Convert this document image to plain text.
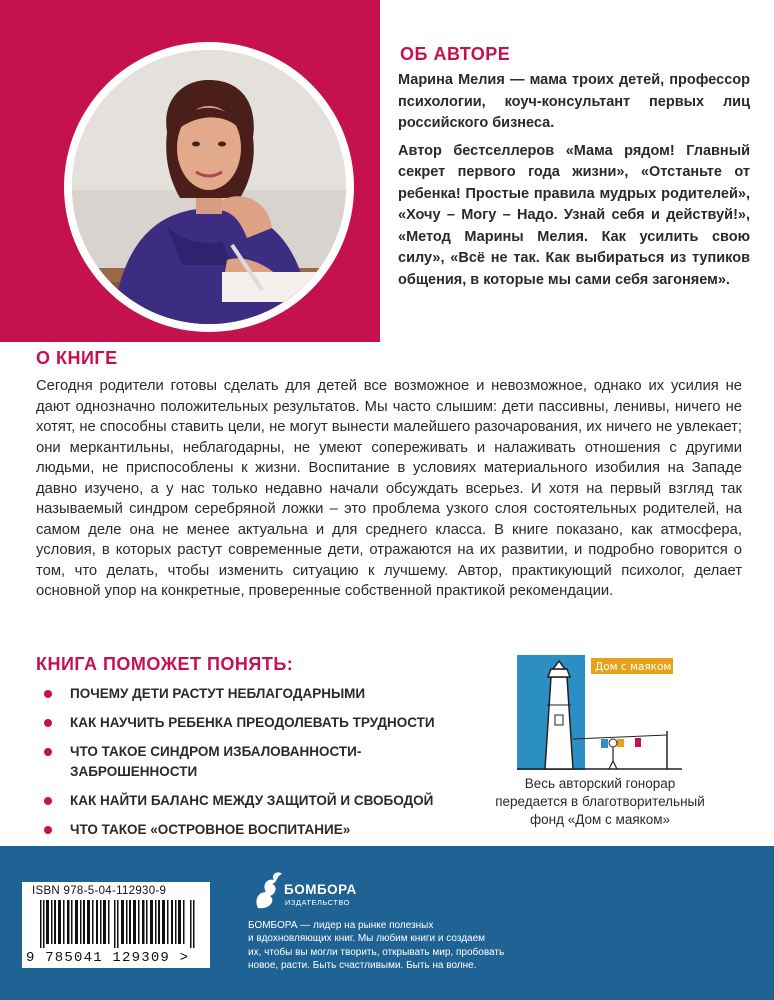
ОБ АВТОРЕ

Марина Мелия — мама троих детей, профессор психологии, коуч-консультант первых лиц российского бизнеса.

Автор бестселлеров «Мама рядом! Главный секрет первого года жизни», «Отстаньте от ребенка! Простые правила мудрых родителей», «Хочу – Могу – Надо. Узнай себя и действуй!», «Метод Марины Мелия. Как усилить свою силу», «Всё не так. Как выбираться из тупиков общения, в которые мы сами себя загоняем».

О КНИГЕ
Сегодня родители готовы сделать для детей все возможное и невозможное, однако их усилия не дают однозначно положительных результатов. Мы часто слышим: дети пассивны, ленивы, ничего не хотят, не способны ставить цели, не могут вынести малейшего разочарования, их ничего не увлекает; они меркантильны, неблагодарны, не умеют сопереживать и налаживать отношения с другими людьми, не приспособлены к жизни. Воспитание в условиях материального изобилия на Западе давно изучено, а у нас только недавно начали обсуждать всерьез. И хотя на первый взгляд так называемый синдром серебряной ложки – это проблема узкого слоя состоятельных родителей, на самом деле она не менее актуальна и для среднего класса. В книге показано, как атмосфера, условия, в которых растут современные дети, отражаются на их развитии, и подробно говорится о том, что делать, чтобы изменить ситуацию к лучшему. Автор, практикующий психолог, делает основной упор на конкретные, проверенные собственной практикой рекомендации.
КНИГА ПОМОЖЕТ ПОНЯТЬ:
ПОЧЕМУ ДЕТИ РАСТУТ НЕБЛАГОДАРНЫМИ
КАК НАУЧИТЬ РЕБЕНКА ПРЕОДОЛЕВАТЬ ТРУДНОСТИ
ЧТО ТАКОЕ СИНДРОМ ИЗБАЛОВАННОСТИ-ЗАБРОШЕННОСТИ
КАК НАЙТИ БАЛАНС МЕЖДУ ЗАЩИТОЙ И СВОБОДОЙ
ЧТО ТАКОЕ «ОСТРОВНОЕ ВОСПИТАНИЕ»
Дом с маяком
Весь авторский гонорар
передается в благотворительный
фонд «Дом с маяком»
ISBN 978-5-04-112930-9
9 785041 129309 >
БОМБОРА
ИЗДАТЕЛЬСТВО
БОМБОРА — лидер на рынке полезных
и вдохновляющих книг. Мы любим книги и создаем
их, чтобы вы могли творить, открывать мир, пробовать
новое, расти. Быть счастливыми. Быть на волне.
